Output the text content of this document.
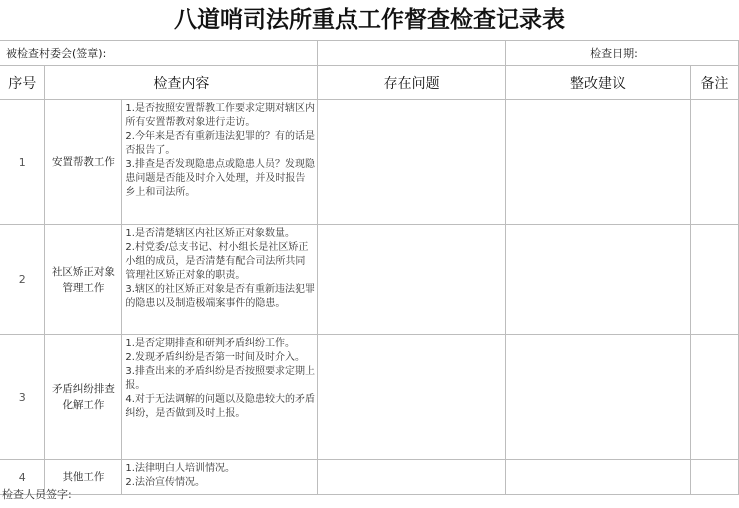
八道哨司法所重点工作督查检查记录表
被检查村委会(签章):				检查日期:	
序号	检查内容		存在问题	整改建议	备注
1	安置帮教工作	1.是否按照安置帮教工作要求定期对辖区内所有安置帮教对象进行走访。
2.今年来是否有重新违法犯罪的？有的话是否报告了。
3.排查是否发现隐患点或隐患人员？发现隐患问题是否能及时介入处理，并及时报告乡上和司法所。			

2	社区矫正对象管理工作	1.是否清楚辖区内社区矫正对象数量。
2.村党委/总支书记、村小组长是社区矫正小组的成员，是否清楚有配合司法所共同管理社区矫正对象的职责。
3.辖区的社区矫正对象是否有重新违法犯罪的隐患以及制造极端案事件的隐患。			

3	矛盾纠纷排查化解工作	1.是否定期排查和研判矛盾纠纷工作。
2.发现矛盾纠纷是否第一时间及时介入。
3.排查出来的矛盾纠纷是否按照要求定期上报。
4.对于无法调解的问题以及隐患较大的矛盾纠纷，是否做到及时上报。			

4	其他工作	1.法律明白人培训情况。
2.法治宣传情况。			

检查人员签字:
